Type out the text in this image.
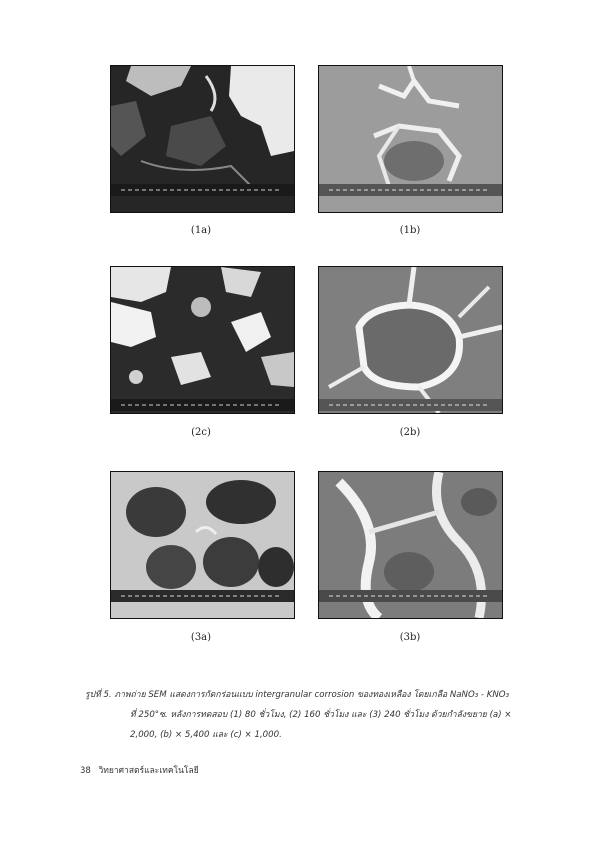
(1a)	(1b)
(2c)	(2b)
(3a)	(3b)
รูปที่ 5. ภาพถ่าย SEM แสดงการกัดกร่อนแบบ intergranular corrosion ของทองเหลือง โดยเกลือ NaNO₃ - KNO₃
ที่ 250°ซ. หลังการทดสอบ (1) 80 ชั่วโมง, (2) 160 ชั่วโมง และ (3) 240 ชั่วโมง ด้วยกำลังขยาย (a) ×
2,000, (b) × 5,400 และ (c) × 1,000.
38 วิทยาศาสตร์และเทคโนโลยี
